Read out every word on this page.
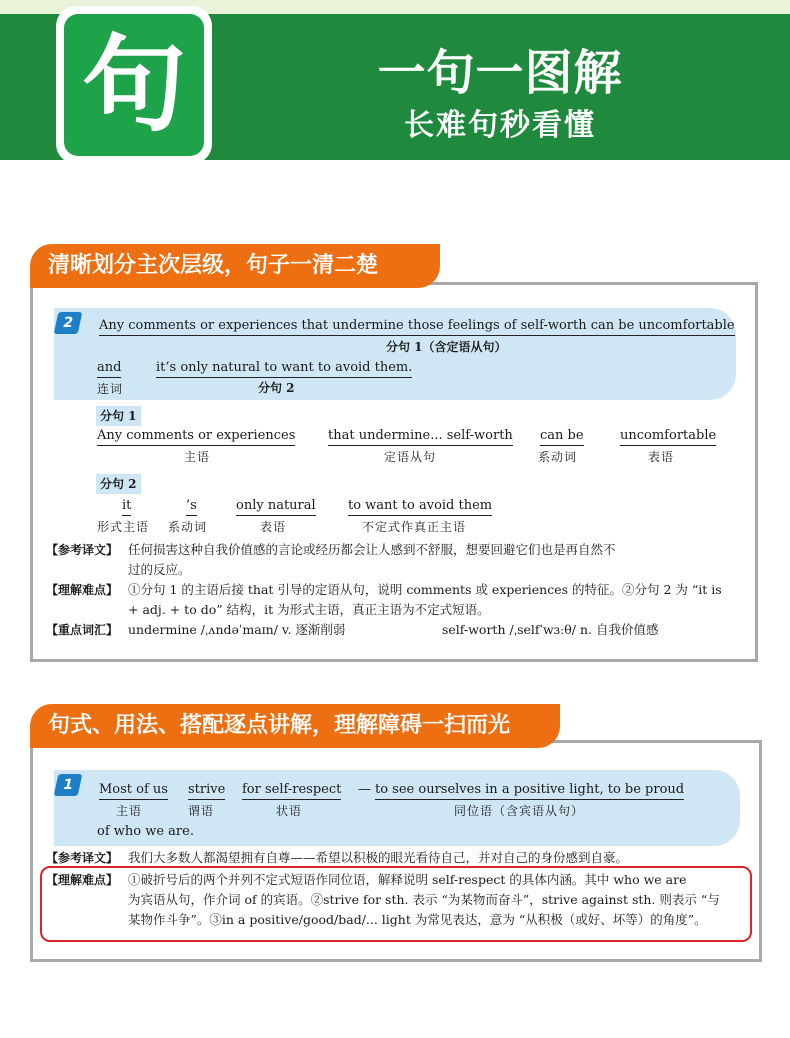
句	一句一图解
长难句秒看懂
清晰划分主次层级，句子一清二楚
2	Any comments or experiences that undermine those feelings of self-worth can be uncomfortable
分句 1（含定语从句）
and
连词
it’s only natural to want to avoid them.
分句 2
分句 1
Any comments or experiences
主语
that undermine... self-worth
定语从句
can be
系动词
uncomfortable
表语
分句 2
it
形式主语
’s
系动词
only natural
表语
to want to avoid them
不定式作真正主语
【参考译文】 任何损害这种自我价值感的言论或经历都会让人感到不舒服，想要回避它们也是再自然不
过的反应。
【理解难点】 ①分句 1 的主语后接 that 引导的定语从句，说明 comments 或 experiences 的特征。②分句 2 为 “it is
+ adj. + to do” 结构，it 为形式主语，真正主语为不定式短语。
【重点词汇】 undermine /ˌʌndəˈmaɪn/ v. 逐渐削弱	self-worth /ˌselfˈwɜːθ/ n. 自我价值感
句式、用法、搭配逐点讲解，理解障碍一扫而光
1	Most of us
主语
strive
谓语
for self-respect
状语
— to see ourselves in a positive light, to be proud
同位语（含宾语从句）
of who we are.
【参考译文】 我们大多数人都渴望拥有自尊——希望以积极的眼光看待自己，并对自己的身份感到自豪。
【理解难点】 ①破折号后的两个并列不定式短语作同位语，解释说明 self-respect 的具体内涵。其中 who we are
为宾语从句，作介词 of 的宾语。②strive for sth. 表示 “为某物而奋斗”，strive against sth. 则表示 “与
某物作斗争”。③in a positive/good/bad/... light 为常见表达，意为 “从积极（或好、坏等）的角度”。
